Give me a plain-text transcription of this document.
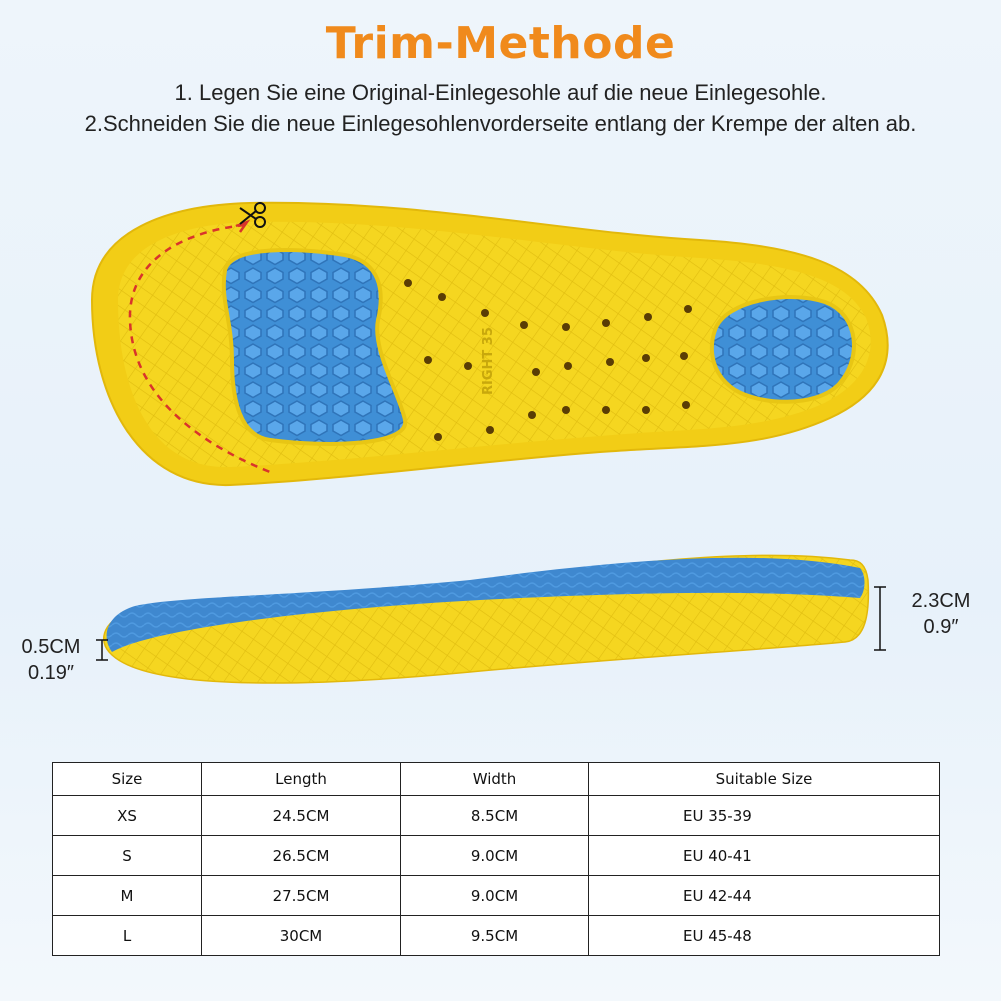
Trim-Methode
1. Legen Sie eine Original-Einlegesohle auf die neue Einlegesohle.
2.Schneiden Sie die neue Einlegesohlenvorderseite entlang der Krempe der alten ab.
RIGHT 35
2.3CM
0.9″
0.5CM
0.19″
Size	Length	Width	Suitable Size
XS	24.5CM	8.5CM	EU 35-39
S	26.5CM	9.0CM	EU 40-41
M	27.5CM	9.0CM	EU 42-44
L	30CM	9.5CM	EU 45-48
